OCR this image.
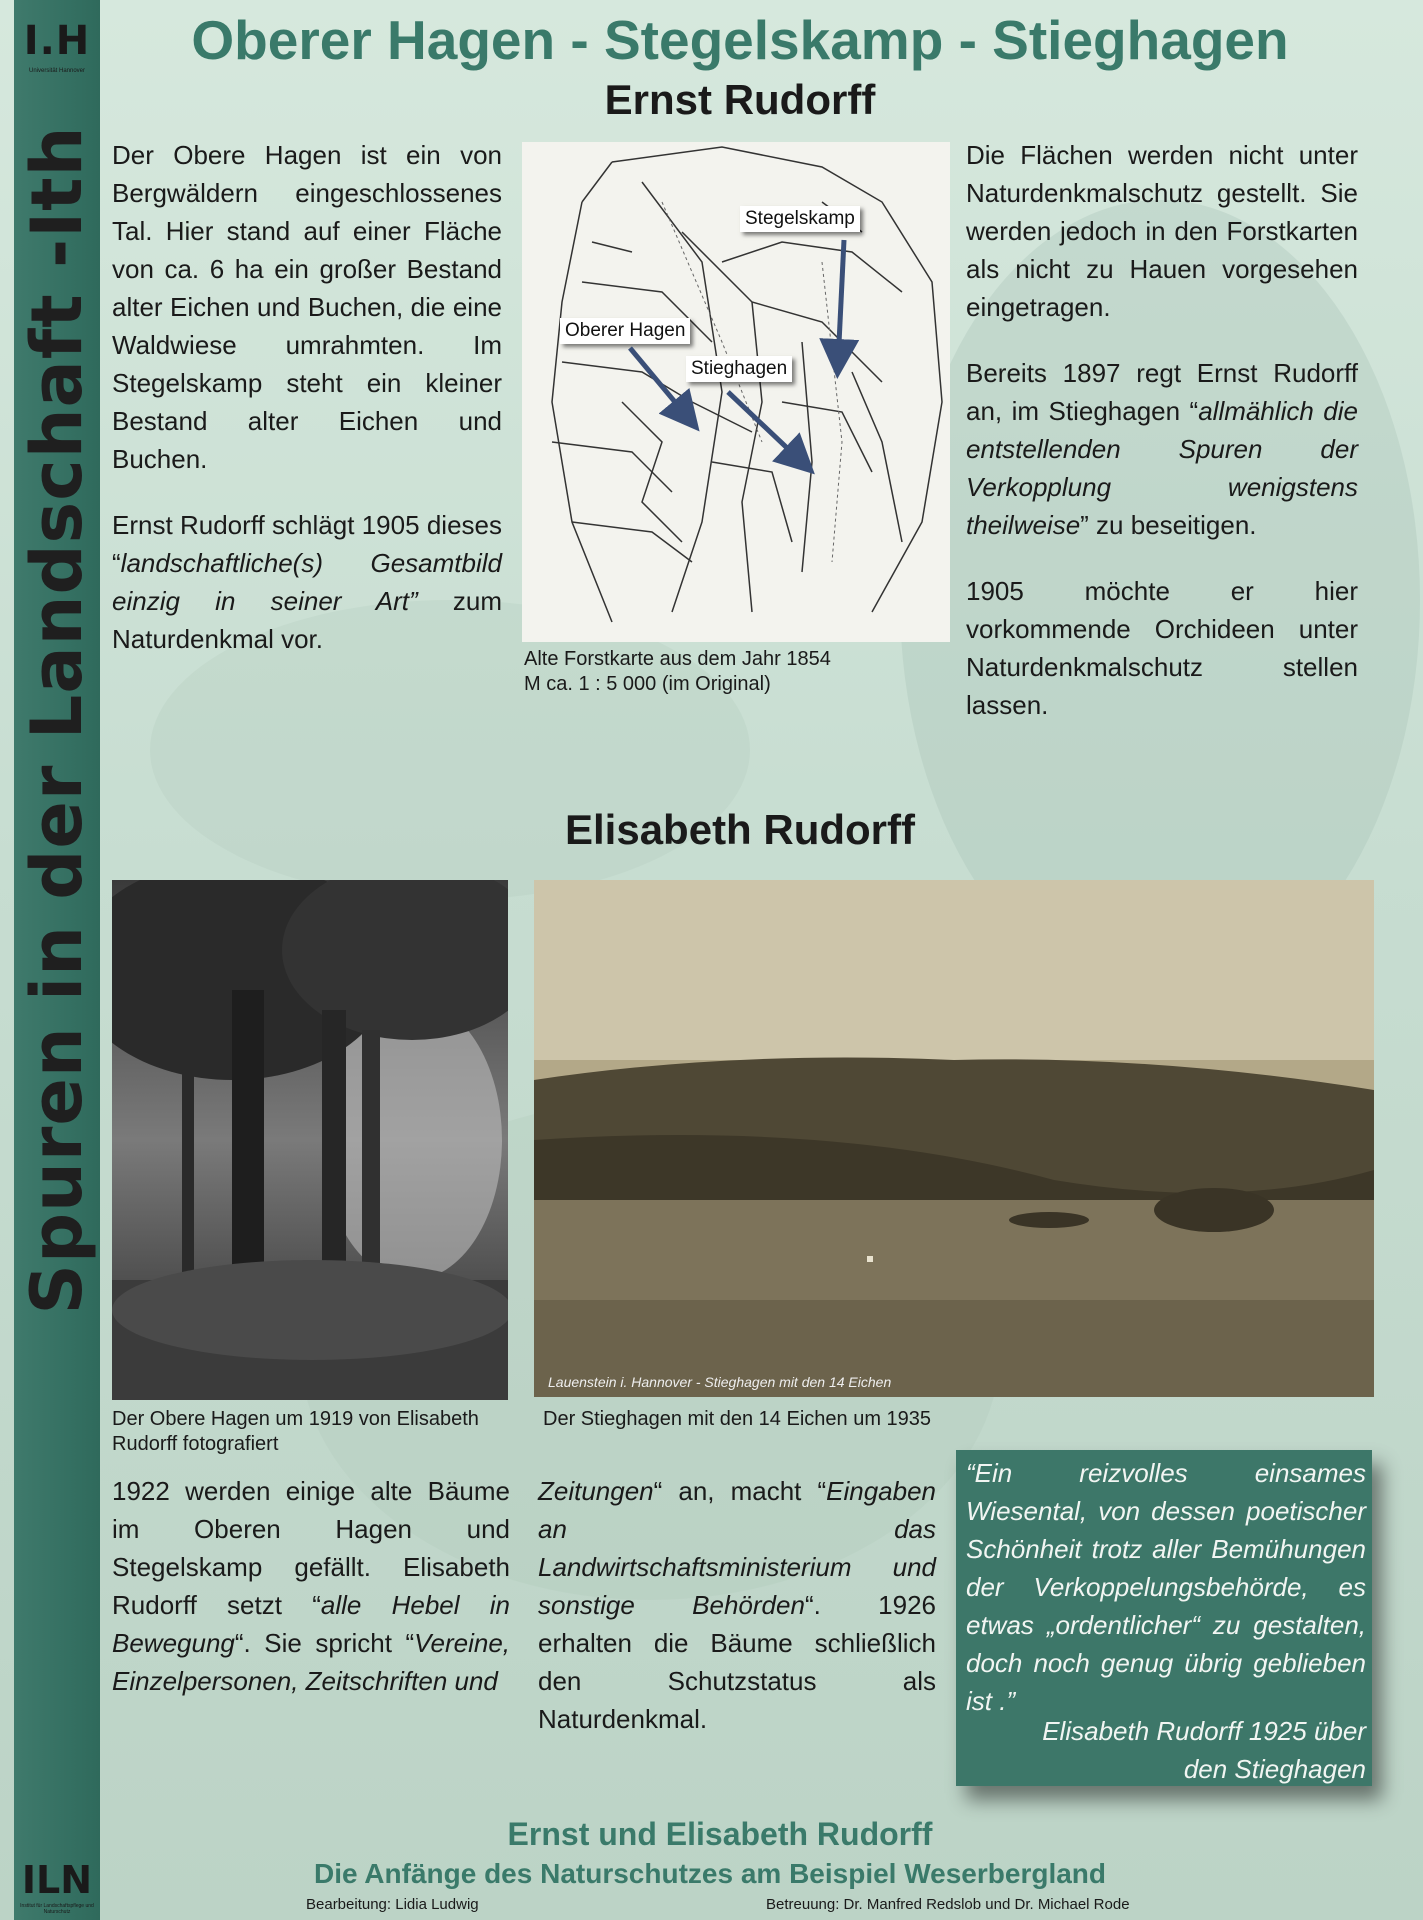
I.H
Universität Hannover
Spuren in der Landschaft -Ith
ILN
Institut für Landschaftspflege und Naturschutz
Oberer Hagen - Stegelskamp - Stieghagen
Ernst Rudorff

Der Obere Hagen ist ein von Bergwäldern eingeschlossenes Tal. Hier stand auf einer Fläche von ca. 6 ha ein großer Bestand alter Eichen und Buchen, die eine Waldwiese umrahmten. Im Stegelskamp steht ein kleiner Bestand alter Eichen und Buchen.

Ernst Rudorff schlägt 1905 dieses “landschaftliche(s) Gesamtbild einzig in seiner Art” zum Naturdenkmal vor.

Stegelskamp
Oberer Hagen
Stieghagen
Alte Forstkarte aus dem Jahr 1854
M ca. 1 : 5 000 (im Original)

Die Flächen werden nicht unter Naturdenkmalschutz gestellt. Sie werden jedoch in den Forstkarten als nicht zu Hauen vorgesehen eingetragen.

Bereits 1897 regt Ernst Rudorff an, im Stieghagen “allmählich die entstellenden Spuren der Verkopplung wenigstens theilweise” zu beseitigen.

1905 möchte er hier vorkommende Orchideen unter Naturdenkmalschutz stellen lassen.

Elisabeth Rudorff
Der Obere Hagen um 1919 von Elisabeth Rudorff fotografiert
Lauenstein i. Hannover - Stieghagen mit den 14 Eichen
Der Stieghagen mit den 14 Eichen um 1935

1922 werden einige alte Bäume im Oberen Hagen und Stegelskamp gefällt. Elisabeth Rudorff setzt “alle Hebel in Bewegung“. Sie spricht “Vereine, Einzelpersonen, Zeitschriften und

Zeitungen“ an, macht “Eingaben an das Landwirtschaftsministerium und sonstige Behörden“. 1926 erhalten die Bäume schließlich den Schutzstatus als Naturdenkmal.

“Ein reizvolles einsames Wiesental, von dessen poetischer Schönheit trotz aller Bemühungen der Verkoppelungsbehörde, es etwas „ordentlicher“ zu gestalten, doch noch genug übrig geblieben ist .”

Elisabeth Rudorff 1925 über
den Stieghagen
Ernst und Elisabeth Rudorff
Die Anfänge des Naturschutzes am Beispiel Weserbergland
Bearbeitung: Lidia Ludwig	Betreuung: Dr. Manfred Redslob und Dr. Michael Rode
